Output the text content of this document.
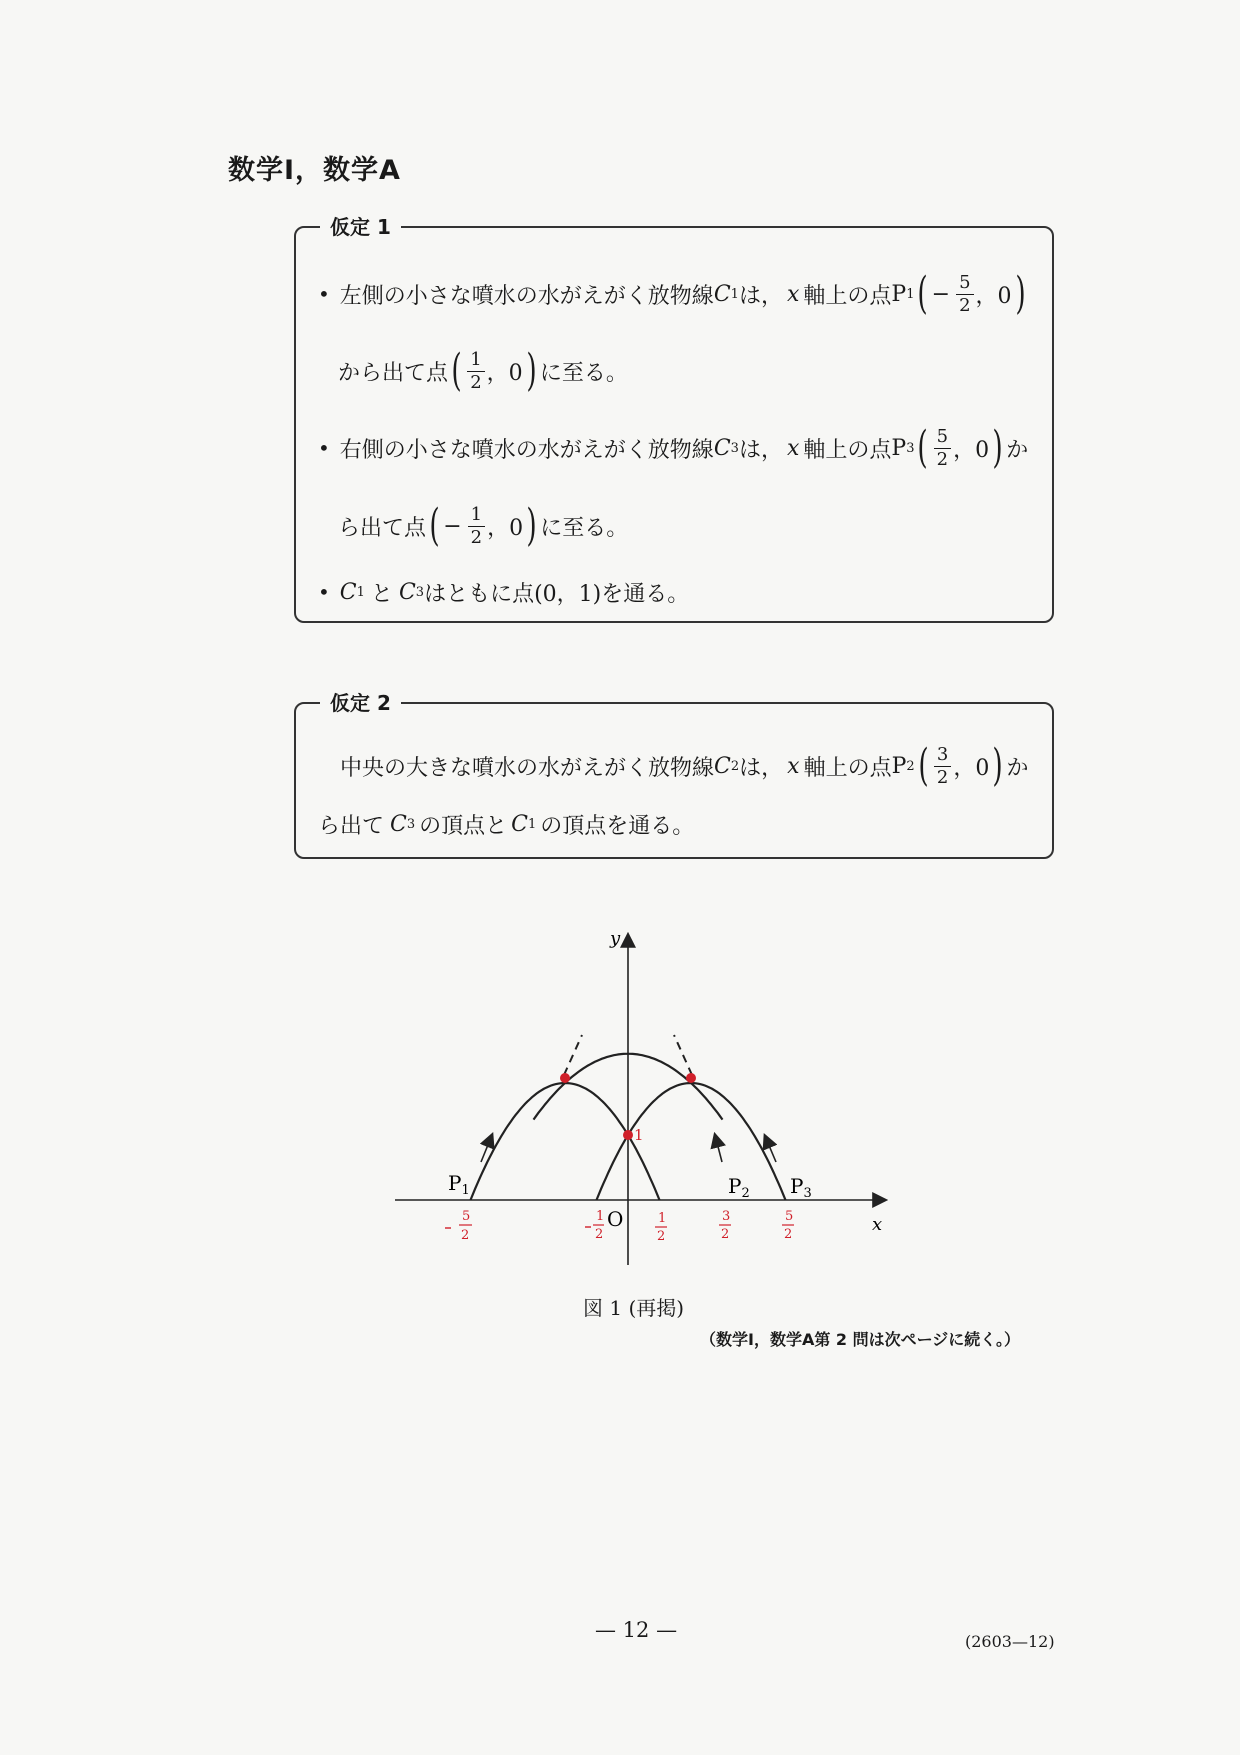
数学Ⅰ，数学A
仮定 1
• 左側の小さな噴水の水がえがく放物線 C 1 は， x 軸上の点 P 1 ( − $\frac{5}{2}$ ，0 )
から出て点 ( $\frac{1}{2}$ ，0 ) に至る。
• 右側の小さな噴水の水がえがく放物線 C 3 は， x 軸上の点 P 3 ( $\frac{5}{2}$ ，0 ) か
ら出て点 ( − $\frac{1}{2}$ ，0 ) に至る。
• C 1 と C 3 はともに点(0，1)を通る。
仮定 2
中央の大きな噴水の水がえがく放物線 C 2 は， x 軸上の点 P 2 ( $\frac{3}{2}$ ，0 ) か
ら出て C 3 の頂点と C 1 の頂点を通る。
y
x
O
1
$P_1$	$P_2$ $P_3$
5
2
1
2
1
2
3
2
5
2
図 1 (再掲)
（数学Ⅰ，数学A第 2 問は次ページに続く。）
— 12 —	(2603—12)
